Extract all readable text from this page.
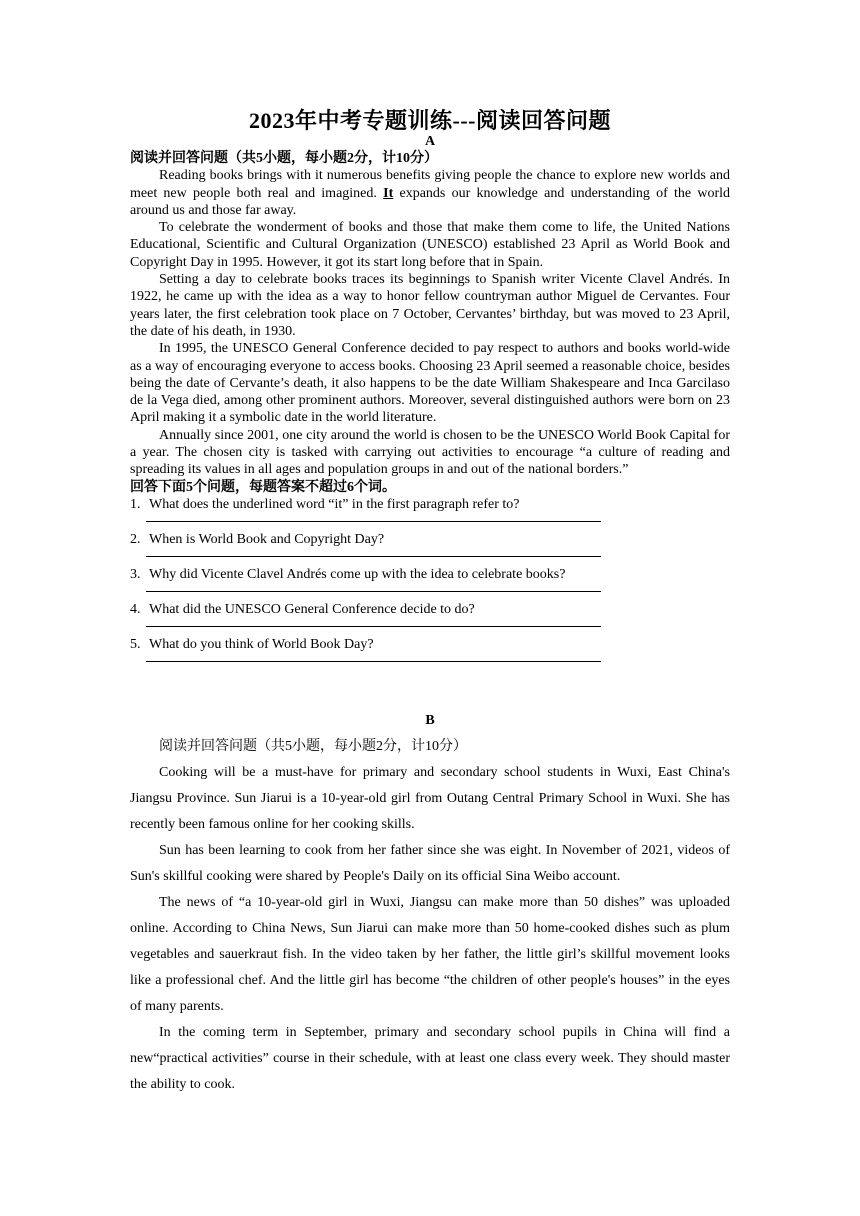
2023年中考专题训练---阅读回答问题
A

阅读并回答问题（共5小题，每小题2分，计10分）

Reading books brings with it numerous benefits giving people the chance to explore new worlds and meet new people both real and imagined. It expands our knowledge and understanding of the world around us and those far away.

To celebrate the wonderment of books and those that make them come to life, the United Nations Educational, Scientific and Cultural Organization (UNESCO) established 23 April as World Book and Copyright Day in 1995. However, it got its start long before that in Spain.

Setting a day to celebrate books traces its beginnings to Spanish writer Vicente Clavel Andrés. In 1922, he came up with the idea as a way to honor fellow countryman author Miguel de Cervantes. Four years later, the first celebration took place on 7 October, Cervantes’ birthday, but was moved to 23 April, the date of his death, in 1930.

In 1995, the UNESCO General Conference decided to pay respect to authors and books world-wide as a way of encouraging everyone to access books. Choosing 23 April seemed a reasonable choice, besides being the date of Cervante’s death, it also happens to be the date William Shakespeare and Inca Garcilaso de la Vega died, among other prominent authors. Moreover, several distinguished authors were born on 23 April making it a symbolic date in the world literature.

Annually since 2001, one city around the world is chosen to be the UNESCO World Book Capital for a year. The chosen city is tasked with carrying out activities to encourage “a culture of reading and spreading its values in all ages and population groups in and out of the national borders.”

回答下面5个问题，每题答案不超过6个词。

1. What does the underlined word “it” in the first paragraph refer to?
2. When is World Book and Copyright Day?
3. Why did Vicente Clavel Andrés come up with the idea to celebrate books?
4. What did the UNESCO General Conference decide to do?
5. What do you think of World Book Day?
B

阅读并回答问题（共5小题，每小题2分，计10分）

Cooking will be a must-have for primary and secondary school students in Wuxi, East China's Jiangsu Province. Sun Jiarui is a 10-year-old girl from Outang Central Primary School in Wuxi. She has recently been famous online for her cooking skills.

Sun has been learning to cook from her father since she was eight. In November of 2021, videos of Sun's skillful cooking were shared by People's Daily on its official Sina Weibo account.

The news of “a 10-year-old girl in Wuxi, Jiangsu can make more than 50 dishes” was uploaded online. According to China News, Sun Jiarui can make more than 50 home-cooked dishes such as plum vegetables and sauerkraut fish. In the video taken by her father, the little girl’s skillful movement looks like a professional chef. And the little girl has become “the children of other people's houses” in the eyes of many parents.

In the coming term in September, primary and secondary school pupils in China will find a new“practical activities” course in their schedule, with at least one class every week. They should master the ability to cook.
